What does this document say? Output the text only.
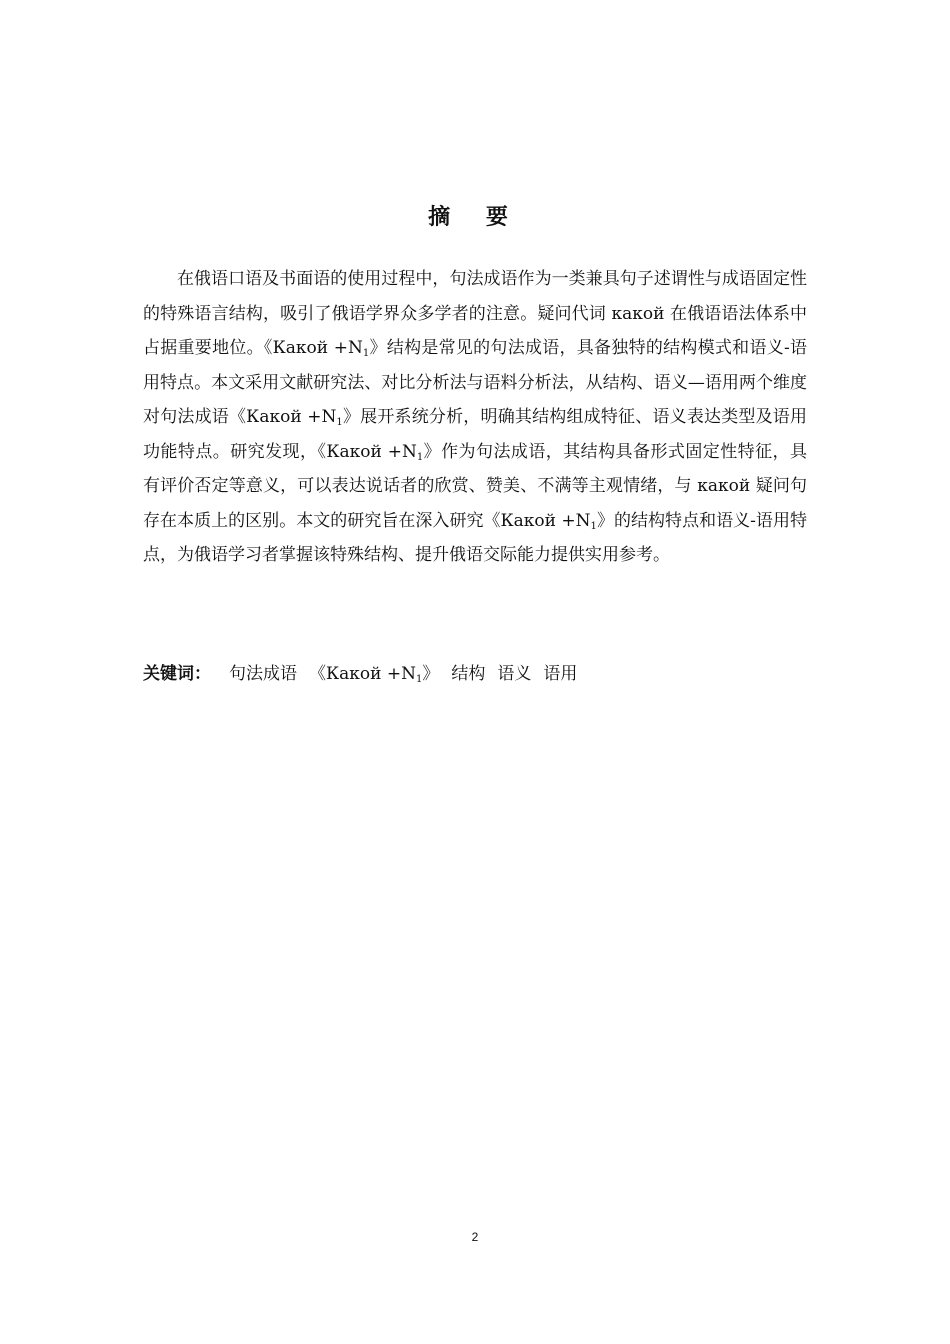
摘 要

在俄语口语及书面语的使用过程中，句法成语作为一类兼具句子述谓性与成语固定性的特殊语言结构，吸引了俄语学界众多学者的注意。疑问代词 какой 在俄语语法体系中占据重要地位。《Какой $+N_1$》结构是常见的句法成语，具备独特的结构模式和语义-语用特点。本文采用文献研究法、对比分析法与语料分析法，从结构、语义—语用两个维度对句法成语《Какой $+N_1$》展开系统分析，明确其结构组成特征、语义表达类型及语用功能特点。研究发现，《Какой $+N_1$》作为句法成语，其结构具备形式固定性特征，具有评价否定等意义，可以表达说话者的欣赏、赞美、不满等主观情绪，与 какой 疑问句存在本质上的区别。本文的研究旨在深入研究《Какой $+N_1$》的结构特点和语义-语用特点，为俄语学习者掌握该特殊结构、提升俄语交际能力提供实用参考。

关键词： 句法成语 《Какой $+N_1$》 结构 语义 语用

2
